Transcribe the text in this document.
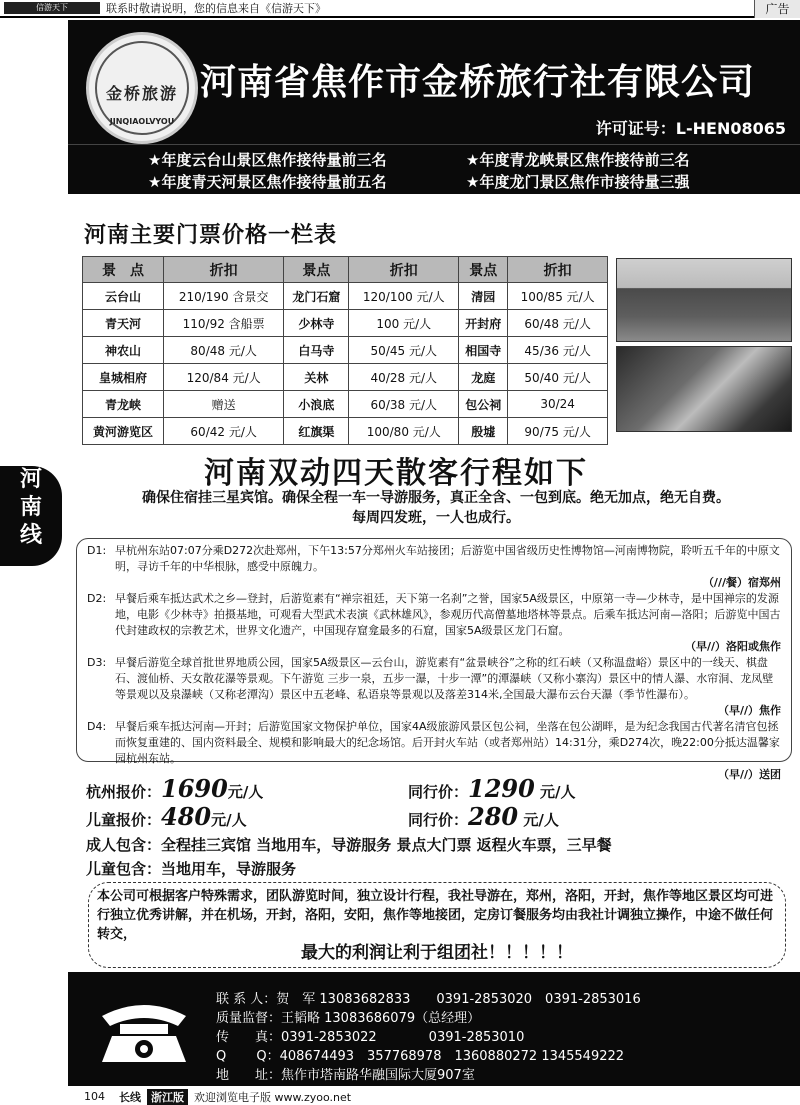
信游天下	联系时敬请说明，您的信息来自《信游天下》	广告
金桥旅游
JINQIAOLVYOU
河南省焦作市金桥旅行社有限公司
许可证号：L-HEN08065
★年度云台山景区焦作接待量前三名	★年度青龙峡景区焦作接待前三名
★年度青天河景区焦作接待量前五名	★年度龙门景区焦作市接待量三强
河南主要门票价格一栏表
景　点	折扣	景点	折扣	景点	折扣
云台山	210/190 含景交	龙门石窟	120/100 元/人	清园	100/85 元/人
青天河	110/92 含船票	少林寺	100 元/人	开封府	60/48 元/人
神农山	80/48 元/人	白马寺	50/45 元/人	相国寺	45/36 元/人
皇城相府	120/84 元/人	关林	40/28 元/人	龙庭	50/40 元/人
青龙峡	赠送	小浪底	60/38 元/人	包公祠	30/24
黄河游览区	60/42 元/人	红旗渠	100/80 元/人	殷墟	90/75 元/人
河南双动四天散客行程如下
河
南
线
确保住宿挂三星宾馆。确保全程一车一导游服务，真正全含、一包到底。绝无加点，绝无自费。
每周四发班，一人也成行。
D1: 早杭州东站07:07分乘D272次赴郑州，下午13:57分郑州火车站接团；后游览中国省级历史性博物馆—河南博物院，聆听五千年的中原文明，寻访千年的中华根脉，感受中原魄力。
（///餐）宿郑州
D2: 早餐后乘车抵达武术之乡—登封，后游览素有“禅宗祖廷，天下第一名刹”之誉，国家5A级景区，中原第一寺—少林寺，是中国禅宗的发源地，电影《少林寺》拍摄基地，可观看大型武术表演《武林雄风》，参观历代高僧墓地塔林等景点。后乘车抵达河南—洛阳；后游览中国古代封建政权的宗教艺术，世界文化遗产，中国现存窟龛最多的石窟，国家5A级景区龙门石窟。
（早//）洛阳或焦作
D3: 早餐后游览全球首批世界地质公园，国家5A级景区—云台山，游览素有“盆景峡谷”之称的红石峡（又称温盘峪）景区中的一线天、棋盘石、渡仙桥、天女散花瀑等景观。下午游览 三步一泉，五步一瀑，十步一潭”的潭瀑峡（又称小寨沟）景区中的情人瀑、水帘洞、龙凤壁等景观以及泉瀑峡（又称老潭沟）景区中五老峰、私语泉等景观以及落差314米,全国最大瀑布云台天瀑（季节性瀑布）。
（早//）焦作
D4: 早餐后乘车抵达河南—开封；后游览国家文物保护单位，国家4A级旅游风景区包公祠，坐落在包公湖畔，是为纪念我国古代著名清官包拯而恢复重建的、国内资料最全、规模和影响最大的纪念场馆。后开封火车站（或者郑州站）14:31分，乘D274次，晚22:00分抵达温馨家园杭州东站。
（早//）送团
杭州报价：1690元/人	同行价：1290 元/人
儿童报价：480元/人	同行价：280 元/人
成人包含：全程挂三宾馆 当地用车，导游服务 景点大门票 返程火车票，三早餐
儿童包含：当地用车，导游服务
本公司可根据客户特殊需求，团队游览时间，独立设计行程，我社导游在，郑州，洛阳，开封，焦作等地区景区均可进行独立优秀讲解，并在机场，开封，洛阳，安阳，焦作等地接团，定房订餐服务均由我社计调独立操作，中途不做任何转交，
最大的利润让利于组团社！！！！！
联 系 人：贺　军 13083682833　　0391-2853020　0391-2853016
质量监督：王韬略 13083686079（总经理）
传　　真：0391-2853022　　　　0391-2853010
Q　　 Q：408674493　357768978　1360880272 1345549222
地　　址：焦作市塔南路华融国际大厦907室
104 长线 浙江版 欢迎浏览电子版 www.zyoo.net
